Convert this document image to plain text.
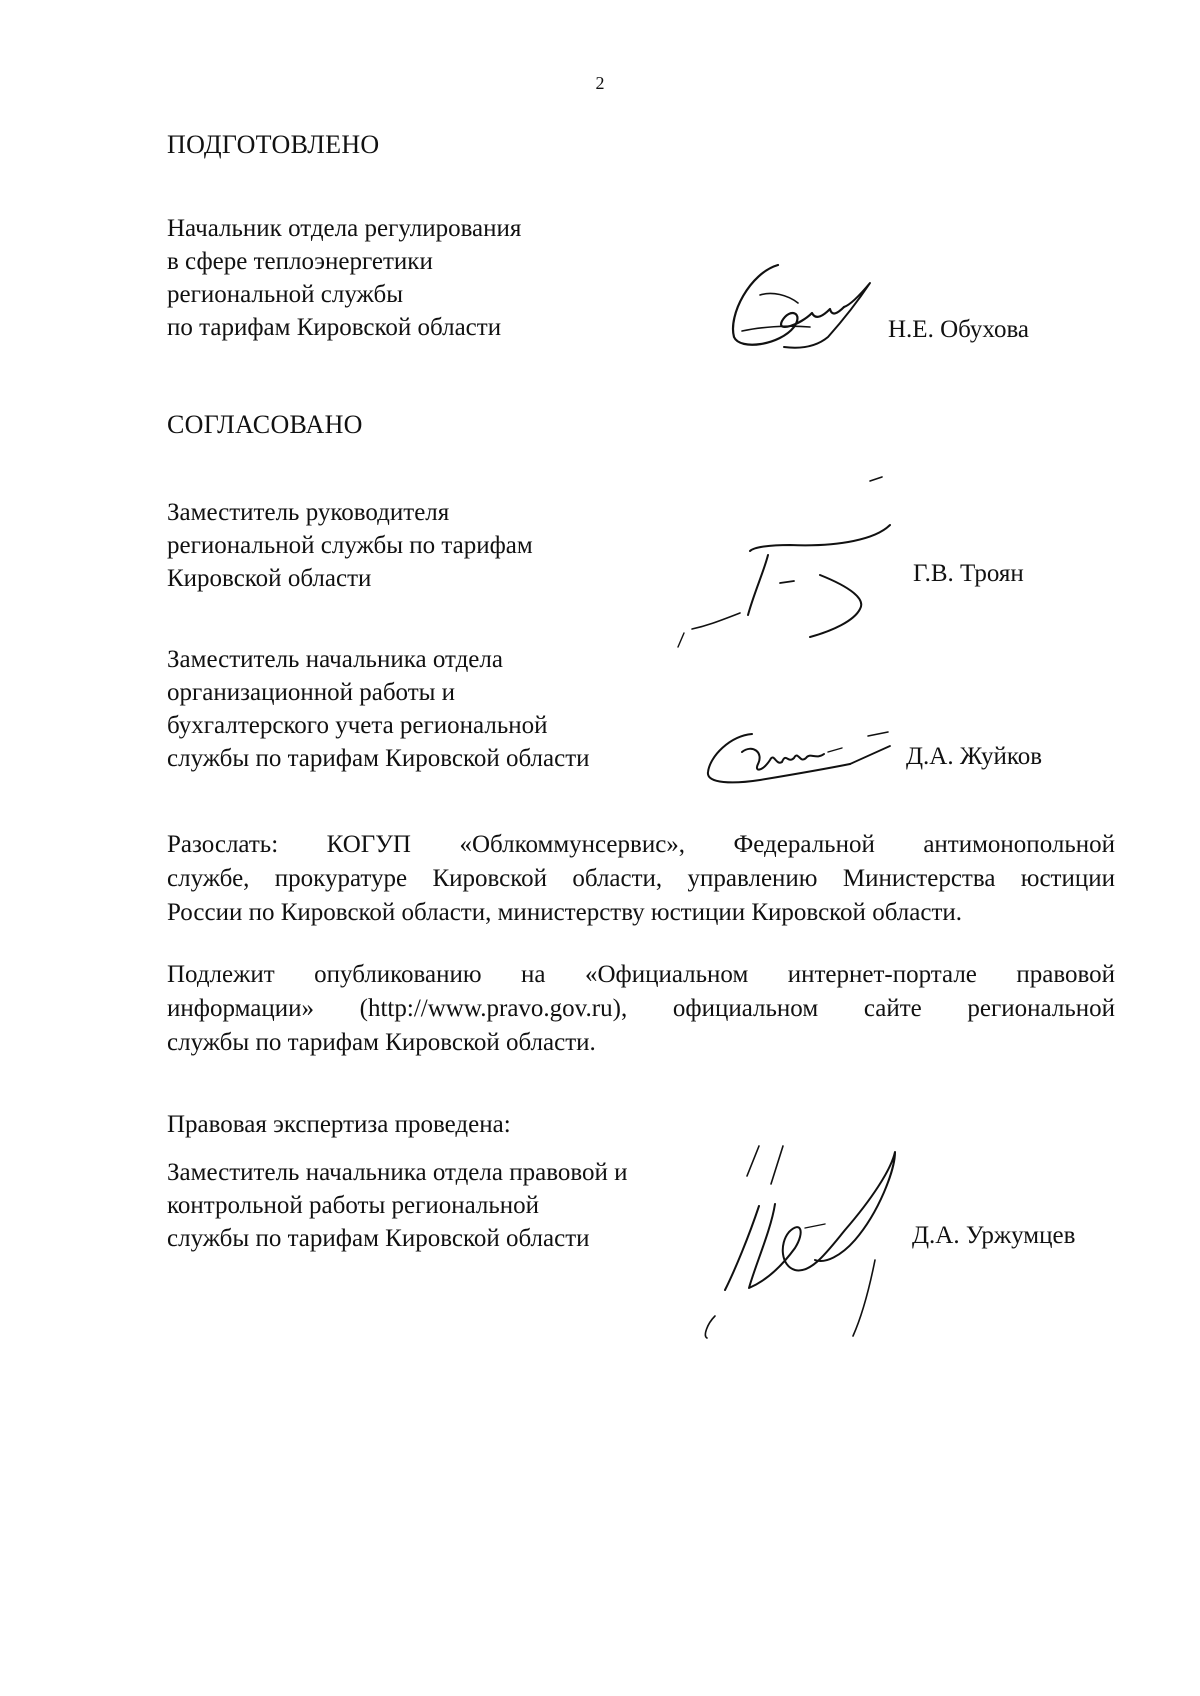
2
ПОДГОТОВЛЕНО
Начальник отдела регулирования
в сфере теплоэнергетики
региональной службы
по тарифам Кировской области	Н.Е. Обухова
СОГЛАСОВАНО
Заместитель руководителя
региональной службы по тарифам
Кировской области	Г.В. Троян
Заместитель начальника отдела
организационной работы и
бухгалтерского учета региональной
службы по тарифам Кировской области	Д.А. Жуйков
Разослать: КОГУП «Облкоммунсервис», Федеральной антимонопольной
службе, прокуратуре Кировской области, управлению Министерства юстиции
России по Кировской области, министерству юстиции Кировской области.
Подлежит опубликованию на «Официальном интернет-портале правовой
информации» (http://www.pravo.gov.ru), официальном сайте региональной
службы по тарифам Кировской области.
Правовая экспертиза проведена:
Заместитель начальника отдела правовой и
контрольной работы региональной
службы по тарифам Кировской области	Д.А. Уржумцев
